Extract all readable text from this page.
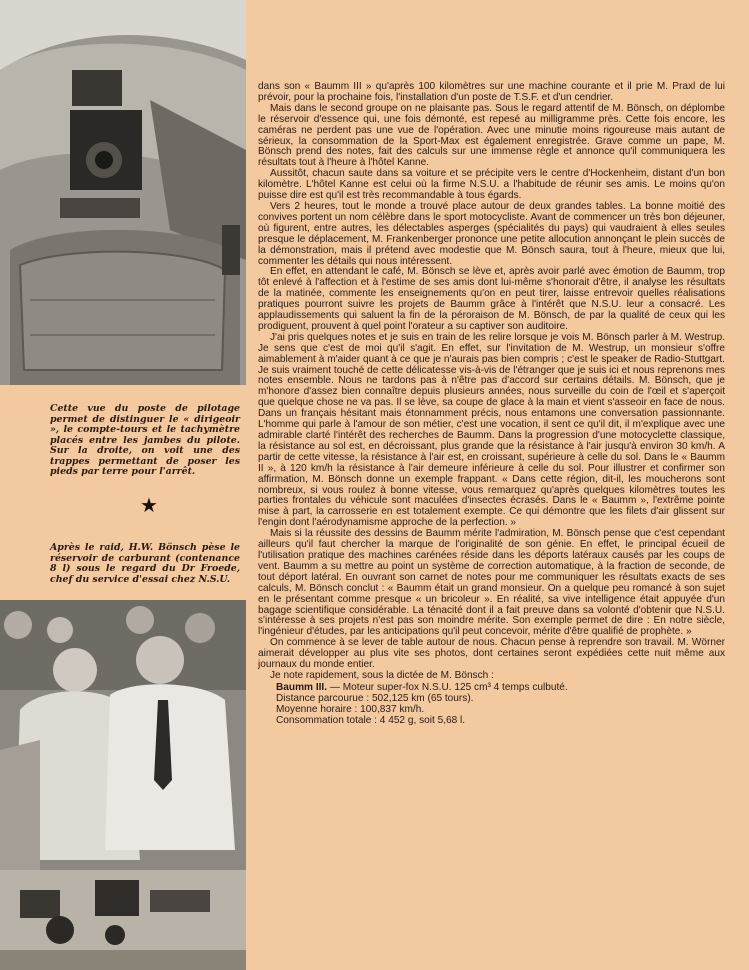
Cette vue du poste de pilotage permet de distinguer le « dirigeoir », le compte-tours et le tachymètre placés entre les jambes du pilote. Sur la droite, on voit une des trappes permettant de poser les pieds par terre pour l'arrêt.
★
Après le raid, H.W. Bönsch pèse le réservoir de carburant (contenance 8 l) sous le regard du Dr Froede, chef du service d'essai chez N.S.U.

dans son « Baumm III » qu'après 100 kilomètres sur une machine courante et il prie M. Praxl de lui prévoir, pour la prochaine fois, l'installation d'un poste de T.S.F. et d'un cendrier.

Mais dans le second groupe on ne plaisante pas. Sous le regard attentif de M. Bönsch, on déplombe le réservoir d'essence qui, une fois démonté, est repesé au milligramme près. Cette fois encore, les caméras ne perdent pas une vue de l'opération. Avec une minutie moins rigoureuse mais autant de sérieux, la consommation de la Sport-Max est également enregistrée. Grave comme un pape, M. Bönsch prend des notes, fait des calculs sur une immense règle et annonce qu'il communiquera les résultats tout à l'heure à l'hôtel Kanne.

Aussitôt, chacun saute dans sa voiture et se précipite vers le centre d'Hockenheim, distant d'un bon kilomètre. L'hôtel Kanne est celui où la firme N.S.U. a l'habitude de réunir ses amis. Le moins qu'on puisse dire est qu'il est très recommandable à tous égards.

Vers 2 heures, tout le monde a trouvé place autour de deux grandes tables. La bonne moitié des convives portent un nom célèbre dans le sport motocycliste. Avant de commencer un très bon déjeuner, où figurent, entre autres, les délectables asperges (spécialités du pays) qui vaudraient à elles seules presque le déplacement, M. Frankenberger prononce une petite allocution annonçant le plein succès de la démonstration, mais il prétend avec modestie que M. Bönsch saura, tout à l'heure, mieux que lui, commenter les détails qui nous intéressent.

En effet, en attendant le café, M. Bönsch se lève et, après avoir parlé avec émotion de Baumm, trop tôt enlevé à l'affection et à l'estime de ses amis dont lui-même s'honorait d'être, il analyse les résultats de la matinée, commente les enseignements qu'on en peut tirer, laisse entrevoir quelles réalisations pratiques pourront suivre les projets de Baumm grâce à l'intérêt que N.S.U. leur a consacré. Les applaudissements qui saluent la fin de la péroraison de M. Bönsch, de par la qualité de ceux qui les prodiguent, prouvent à quel point l'orateur a su captiver son auditoire.

J'ai pris quelques notes et je suis en train de les relire lorsque je vois M. Bönsch parler à M. Westrup. Je sens que c'est de moi qu'il s'agit. En effet, sur l'invitation de M. Westrup, un monsieur s'offre aimablement à m'aider quant à ce que je n'aurais pas bien compris ; c'est le speaker de Radio-Stuttgart. Je suis vraiment touché de cette délicatesse vis-à-vis de l'étranger que je suis ici et nous reprenons mes notes ensemble. Nous ne tardons pas à n'être pas d'accord sur certains détails. M. Bönsch, que je m'honore d'assez bien connaître depuis plusieurs années, nous surveille du coin de l'œil et s'aperçoit que quelque chose ne va pas. Il se lève, sa coupe de glace à la main et vient s'asseoir en face de nous. Dans un français hésitant mais étonnamment précis, nous entamons une conversation passionnante. L'homme qui parle à l'amour de son métier, c'est une vocation, il sent ce qu'il dit, il m'explique avec une admirable clarté l'intérêt des recherches de Baumm. Dans la progression d'une motocyclette classique, la résistance au sol est, en décroissant, plus grande que la résistance à l'air jusqu'à environ 30 km/h. A partir de cette vitesse, la résistance à l'air est, en croissant, supérieure à celle du sol. Dans le « Baumm II », à 120 km/h la résistance à l'air demeure inférieure à celle du sol. Pour illustrer et confirmer son affirmation, M. Bönsch donne un exemple frappant. « Dans cette région, dit-il, les moucherons sont nombreux, si vous roulez à bonne vitesse, vous remarquez qu'après quelques kilomètres toutes les parties frontales du véhicule sont maculées d'insectes écrasés. Dans le « Baumm », l'extrême pointe mise à part, la carrosserie en est totalement exempte. Ce qui démontre que les filets d'air glissent sur l'engin dont l'aérodynamisme approche de la perfection. »

Mais si la réussite des dessins de Baumm mérite l'admiration, M. Bönsch pense que c'est cependant ailleurs qu'il faut chercher la marque de l'originalité de son génie. En effet, le principal écueil de l'utilisation pratique des machines carénées réside dans les déports latéraux causés par les coups de vent. Baumm a su mettre au point un système de correction automatique, à la fraction de seconde, de tout déport latéral. En ouvrant son carnet de notes pour me communiquer les résultats exacts de ses calculs, M. Bönsch conclut : « Baumm était un grand monsieur. On a quelque peu romancé à son sujet en le présentant comme presque « un bricoleur ». En réalité, sa vive intelligence était appuyée d'un bagage scientifique considérable. La ténacité dont il a fait preuve dans sa volonté d'obtenir que N.S.U. s'intéresse à ses projets n'est pas son moindre mérite. Son exemple permet de dire : En notre siècle, l'ingénieur d'études, par les anticipations qu'il peut concevoir, mérite d'être qualifié de prophète. »

On commence à se lever de table autour de nous. Chacun pense à reprendre son travail. M. Wörner aimerait développer au plus vite ses photos, dont certaines seront expédiées cette nuit même aux journaux du monde entier.

Je note rapidement, sous la dictée de M. Bönsch :

Baumm III. — Moteur super-fox N.S.U. 125 cm³ 4 temps culbuté.

Distance parcourue : 502,125 km (65 tours).

Moyenne horaire : 100,837 km/h.

Consommation totale : 4 452 g, soit 5,68 l.
